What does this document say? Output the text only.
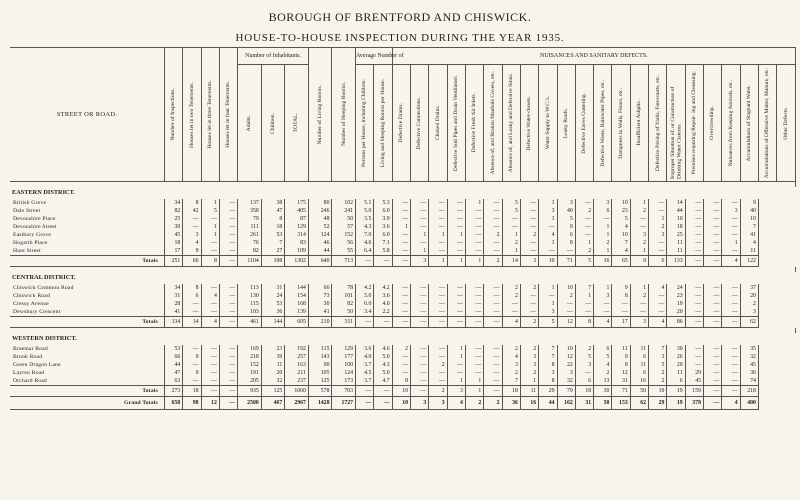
BOROUGH OF BRENTFORD AND CHISWICK.
HOUSE-TO-HOUSE INSPECTION DURING THE YEAR 1935.
STREET OR ROAD.	Number of Inspections.	Houses let in two Tenements.	Houses let in three Tenements.	Houses let in four Tenements.	Number of Inhabitants.			Number of Living Rooms.	Number of Sleeping Rooms.	Average Number of		NUISANCES AND SANITARY DEFECTS.																					

					Adults.	Children.	TOTAL.			Persons per House, including Children.	Living and Sleeping Rooms per House.	Defective Drains.	Defective Connections.	Choked Drains.	Defective Soil Pipes and Drain Ventilators.	Defective Fresh Air Inlets.	Absence of, and Broken Manhole Covers, etc.	Absence of, and Leaky and Defective Sinks.	Defective Water-closets.	Water Supply to W.C.'s.	Leaky Roofs.	Defective Eaves Guttering.	Defective Waste, Rainwater Pipes, etc.	Dampness in Walls, Floors, etc.	Insufficient Ashpits.	Defective Paving of Yards, Forecourts, etc.	Improper Situation of, or Construction of Drinking Water Cisterns.	Premises requiring Repair- ing and Cleansing.	Overcrowding.	Nuisances from Keeping Animals, etc.	Accumulations of Stagnant Water.	Accumulations of Offensive Matter, Manure, etc.	Other Defects.

EASTERN DISTRICT.																																	
British Grove	34	8	1	—	137	38	175	80	102	5.1	5.3	—	—	—	—	1	—	5	—	1	3	—	3	10	1	—	14	—	—	—	9		
Dale Street	82	42	5	—	358	47	405	246	241	5.0	6.0	—	—	—	—	—	—	5	—	3	40	2	6	23	2	—	44	—	—	3	40		
Devonshire Place	25	—	—	—	79	8	87	48	50	3.5	3.9	—	—	—	—	—	—	—	—	1	5	—	—	5	—	1	10	—	—	—	10		
Devonshire Street	30	—	1	—	111	18	129	52	57	4.3	3.6	1	—	—	—	—	—	—	—	—	9	—	1	4	—	2	18	—	—	—	7		
Eastbury Grove	45	3	1	—	261	53	314	124	152	7.0	6.0	—	1	1	1	—	2	1	2	4	6	—	1	10	3	3	25	—	—	—	41		
Hogarth Place	18	4	—	—	76	7	83	46	56	4.6	7.1	—	—	—	—	—	—	2	—	1	8	1	2	7	2	—	11	—	—	1	4		
Hunt Street	17	9	—	—	82	27	109	44	55	6.4	5.8	—	1	—	—	—	—	1	—	—	—	2	1	4	1	—	11	—	—	—	11		
Totals	251	66	8	—	1104	198	1302	640	713	—	—	—	3	1	1	1	2	14	3	10	71	5	16	65	9	6	133	—	—	4	122		

CENTRAL DISTRICT.																																	
Chiswick Common Road	34	8	—	—	113	31	144	66	78	4.2	4.2	—	—	—	—	—	—	2	2	1	10	7	1	9	1	4	24	—	—	—	37		
Chiswick Road	31	6	4	—	130	24	154	73	101	5.0	3.6	—	—	—	—	—	—	2	—	—	2	1	3	8	2	—	23	—	—	—	20		
Cressy Avenue	28	—	—	—	115	53	168	30	82	6.0	4.0	—	—	—	—	—	—	—	—	1	—	—	—	—	—	—	19	—	—	—	2		
Dewsbury Crescent	41	—	—	—	103	36	139	41	50	3.4	2.2	—	—	—	—	—	—	—	—	3	—	—	—	—	—	—	20	—	—	—	3		
Totals	134	14	4	—	461	144	605	210	311	—	—	—	—	—	—	—	—	4	2	5	12	8	4	17	3	4	86	—	—	—	62		

WESTERN DISTRICT.																																	
Braemar Road	53	—	—	—	169	23	192	115	129	3.6	4.6	2	—	—	1	—	—	2	2	7	10	2	6	11	11	7	30	—	—	—	35		
Brook Road	66	9	—	—	218	39	257	143	177	4.0	5.0	—	—	—	1	—	—	4	3	7	12	5	5	9	6	3	26	—	—	—	32		
Green Dragon Lane	44	—	—	—	152	11	163	90	100	3.7	4.3	—	—	2	—	—	—	3	3	8	22	3	4	8	11	5	29	—	—	—	45		
Layton Road	47	9	—	—	191	20	211	105	124	4.5	5.0	—	—	—	—	—	—	2	2	3	3	—	2	12	6	2	11	29	—	—	36		
Orchard Road	63	—	—	—	205	32	237	125	173	3.7	4.7	8	—	—	1	1	—	7	1	8	32	6	13	31	16	2	6	45	—	—	74		
Totals	273	18	—	—	935	125	1060	578	703	—	—	10	—	2	3	1	—	18	11	29	79	18	30	71	50	19	19	159	—	—	218		
Grand Totals	658	98	12	—	2500	467	2967	1428	1727	—	—	10	3	3	4	2	2	36	16	44	162	31	50	153	62	29	19	378	—	4	400		
